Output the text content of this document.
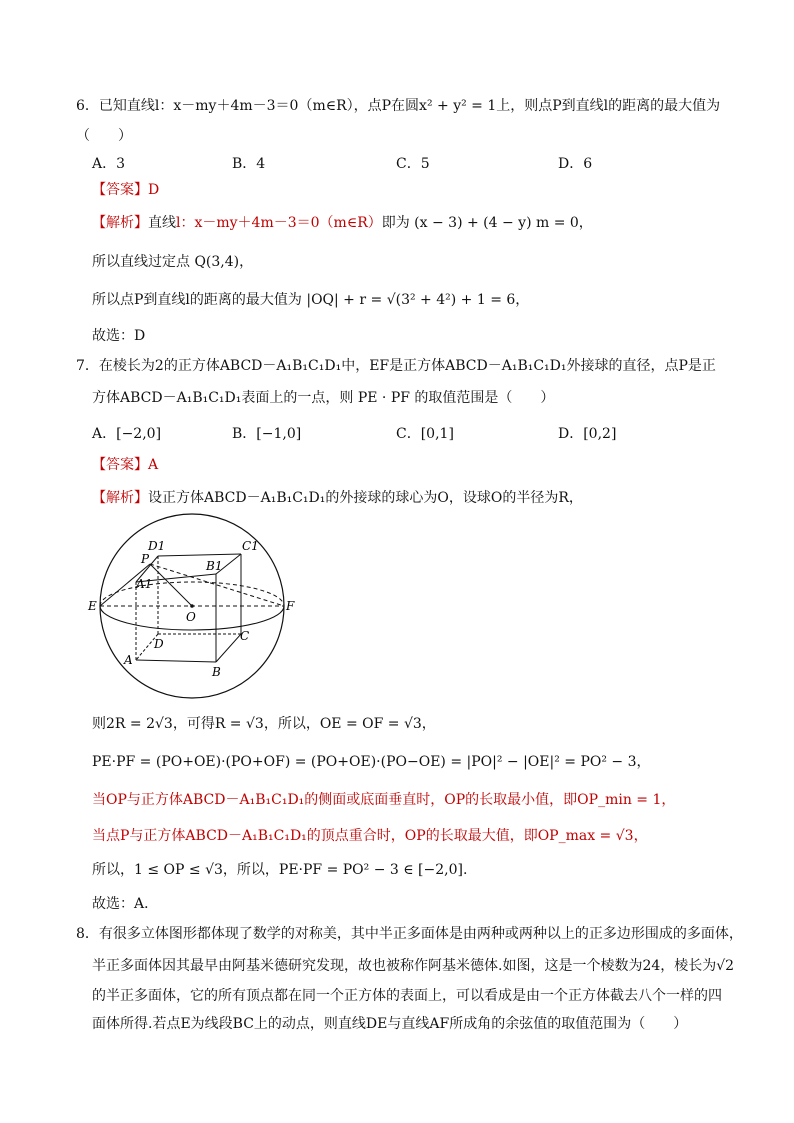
6．已知直线l：x－my＋4m－3＝0（m∈R），点P在圆x² + y² = 1上，则点P到直线l的距离的最大值为
（　　）
A．3	B．4	C．5	D．6
【答案】D
【解析】直线l：x－my＋4m－3＝0（m∈R）即为 (x − 3) + (4 − y) m = 0，
所以直线过定点 Q(3,4)，
所以点P到直线l的距离的最大值为 |OQ| + r = √(3² + 4²) + 1 = 6，
故选：D
7．在棱长为2的正方体ABCD－A₁B₁C₁D₁中，EF是正方体ABCD－A₁B₁C₁D₁外接球的直径，点P是正
方体ABCD－A₁B₁C₁D₁表面上的一点，则 PE · PF 的取值范围是（　　）
A．[−2,0]	B．[−1,0]	C．[0,1]	D．[0,2]
【答案】A
【解析】设正方体ABCD－A₁B₁C₁D₁的外接球的球心为O，设球O的半径为R，
D1	C1
P	B1
A1
E	F
O
D
C
A
B
则2R = 2√3，可得R = √3，所以，OE = OF = √3，
PE·PF = (PO+OE)·(PO+OF) = (PO+OE)·(PO−OE) = |PO|² − |OE|² = PO² − 3，
当OP与正方体ABCD－A₁B₁C₁D₁的侧面或底面垂直时，OP的长取最小值，即OP_min = 1，
当点P与正方体ABCD－A₁B₁C₁D₁的顶点重合时，OP的长取最大值，即OP_max = √3，
所以，1 ≤ OP ≤ √3，所以，PE·PF = PO² − 3 ∈ [−2,0].
故选：A．
8．有很多立体图形都体现了数学的对称美，其中半正多面体是由两种或两种以上的正多边形围成的多面体，
半正多面体因其最早由阿基米德研究发现，故也被称作阿基米德体.如图，这是一个棱数为24，棱长为√2
的半正多面体，它的所有顶点都在同一个正方体的表面上，可以看成是由一个正方体截去八个一样的四
面体所得.若点E为线段BC上的动点，则直线DE与直线AF所成角的余弦值的取值范围为（　　）
